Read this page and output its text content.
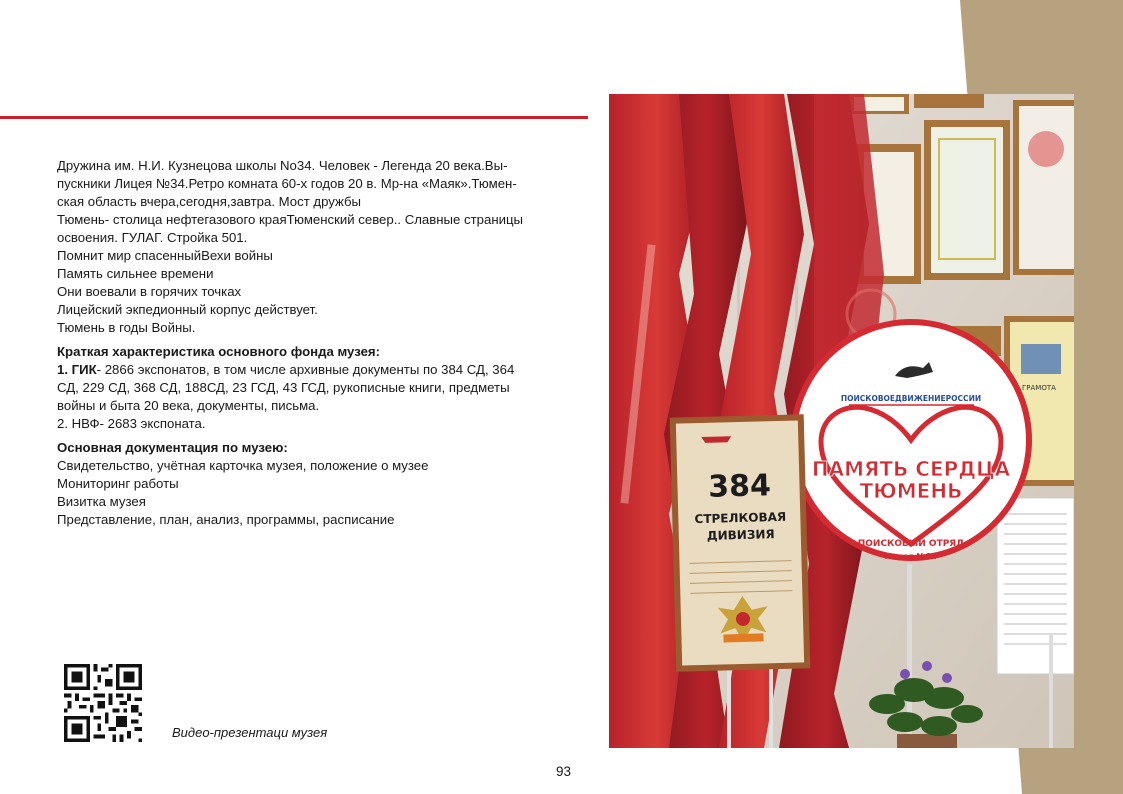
Дружина им. Н.И. Кузнецова школы No34. Человек - Легенда 20 века.Вы-

пускники Лицея №34.Ретро комната 60-х годов 20 в. Мр-на «Маяк».Тюмен-

ская область вчера,сегодня,завтра. Мост дружбы

Тюмень- столица нефтегазового краяТюменский север.. Славные страницы

освоения. ГУЛАГ. Стройка 501.

Помнит мир спасенныйВехи войны

Память сильнее времени

Они воевали в горячих точках

Лицейский экпедионный корпус действует.

Тюмень в годы Войны.

Краткая характеристика основного фонда музея:

1. ГИК- 2866 экспонатов, в том числе архивные документы по 384 СД, 364

СД, 229 СД, 368 СД, 188СД, 23 ГСД, 43 ГСД, рукописные книги, предметы

войны и быта 20 века, документы, письма.

2. НВФ- 2683 экспоната.

Основная документация по музею:

Свидетельство, учётная карточка музея, положение о музее

Мониторинг работы

Визитка музея

Представление, план, анализ, программы, расписание

Видео-презентаци музея
93
ГРАМОТА
ПОИСКОВОЕДВИЖЕНИЕРОССИИ
ПАМЯТЬ СЕРДЦА
ТЮМЕНЬ
ПОИСКОВЫЙ ОТРЯД
Лицея №34
384
СТРЕЛКОВАЯ
ДИВИЗИЯ
